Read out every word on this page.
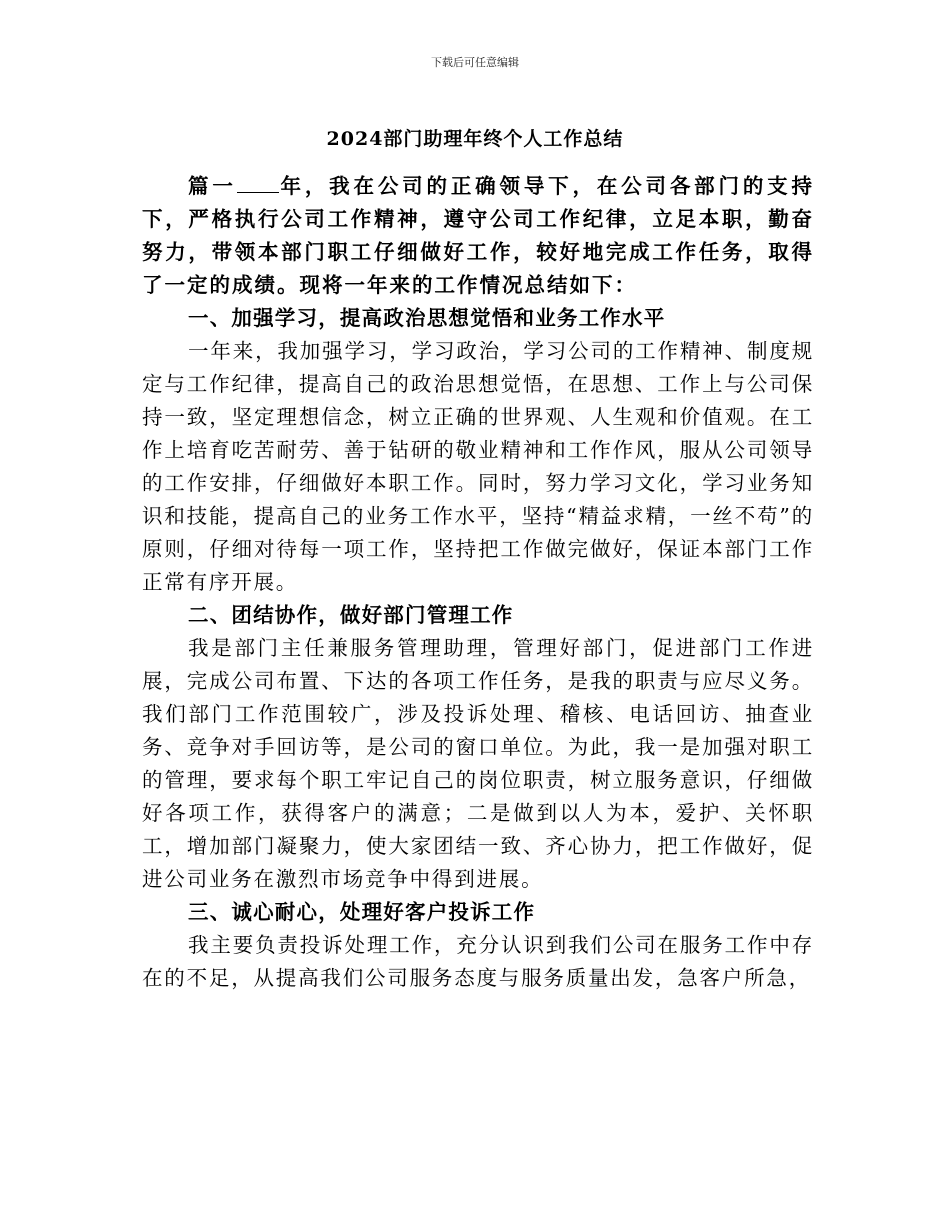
下载后可任意编辑
2024部门助理年终个人工作总结

篇一 年，我在公司的正确领导下，在公司各部门的支持下，严格执行公司工作精神，遵守公司工作纪律，立足本职，勤奋努力，带领本部门职工仔细做好工作，较好地完成工作任务，取得了一定的成绩。现将一年来的工作情况总结如下：

一、加强学习，提高政治思想觉悟和业务工作水平

一年来，我加强学习，学习政治，学习公司的工作精神、制度规定与工作纪律，提高自己的政治思想觉悟，在思想、工作上与公司保持一致，坚定理想信念，树立正确的世界观、人生观和价值观。在工作上培育吃苦耐劳、善于钻研的敬业精神和工作作风，服从公司领导的工作安排，仔细做好本职工作。同时，努力学习文化，学习业务知识和技能，提高自己的业务工作水平，坚持“精益求精，一丝不苟”的原则，仔细对待每一项工作，坚持把工作做完做好，保证本部门工作正常有序开展。

二、团结协作，做好部门管理工作

我是部门主任兼服务管理助理，管理好部门，促进部门工作进展，完成公司布置、下达的各项工作任务，是我的职责与应尽义务。我们部门工作范围较广，涉及投诉处理、稽核、电话回访、抽查业务、竞争对手回访等，是公司的窗口单位。为此，我一是加强对职工的管理，要求每个职工牢记自己的岗位职责，树立服务意识，仔细做好各项工作，获得客户的满意；二是做到以人为本，爱护、关怀职工，增加部门凝聚力，使大家团结一致、齐心协力，把工作做好，促进公司业务在激烈市场竞争中得到进展。

三、诚心耐心，处理好客户投诉工作

我主要负责投诉处理工作，充分认识到我们公司在服务工作中存在的不足，从提高我们公司服务态度与服务质量出发，急客户所急，
